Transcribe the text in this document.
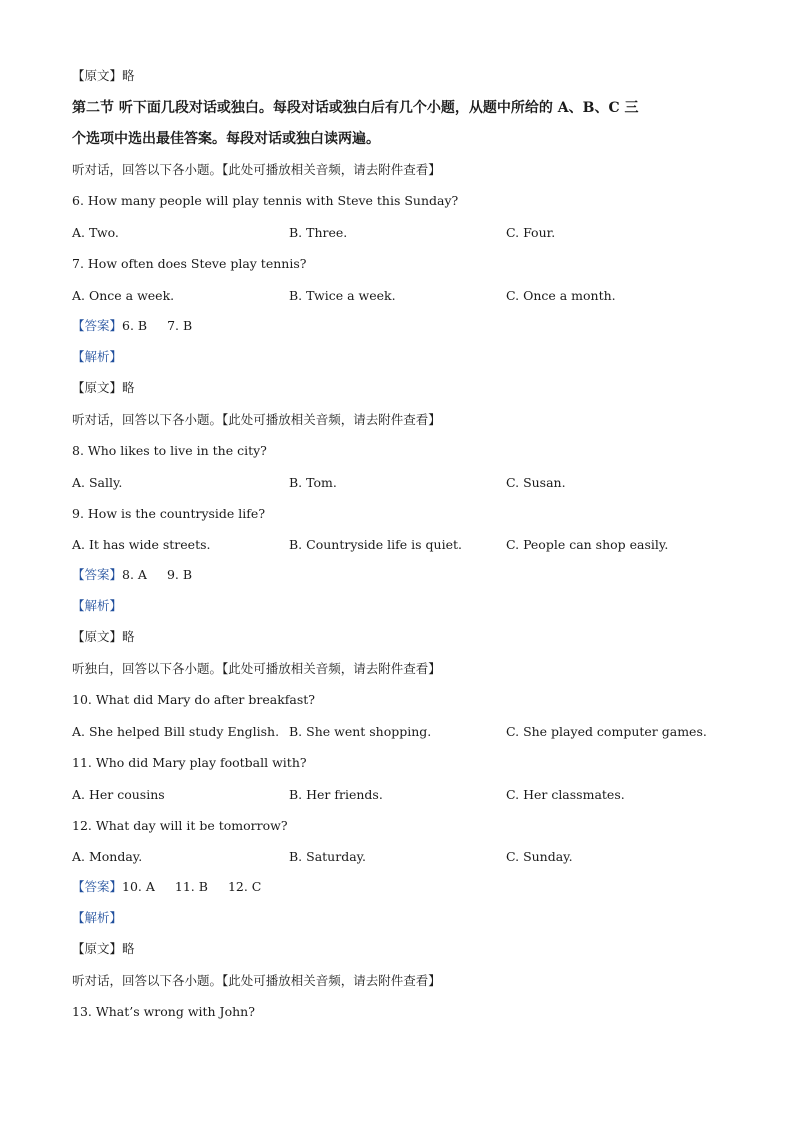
【原文】略
第二节 听下面几段对话或独白。每段对话或独白后有几个小题，从题中所给的 A、B、C 三
个选项中选出最佳答案。每段对话或独白读两遍。
听对话，回答以下各小题。【此处可播放相关音频，请去附件查看】
6. How many people will play tennis with Steve this Sunday?
A. Two.	B. Three.	C. Four.
7. How often does Steve play tennis?
A. Once a week.	B. Twice a week.	C. Once a month.
【答案】6. B 7. B
【解析】
【原文】略
听对话，回答以下各小题。【此处可播放相关音频，请去附件查看】
8. Who likes to live in the city?
A. Sally.	B. Tom.	C. Susan.
9. How is the countryside life?
A. It has wide streets.	B. Countryside life is quiet.	C. People can shop easily.
【答案】8. A 9. B
【解析】
【原文】略
听独白，回答以下各小题。【此处可播放相关音频，请去附件查看】
10. What did Mary do after breakfast?
A. She helped Bill study English. B. She went shopping.	C. She played computer games.
11. Who did Mary play football with?
A. Her cousins	B. Her friends.	C. Her classmates.
12. What day will it be tomorrow?
A. Monday.	B. Saturday.	C. Sunday.
【答案】10. A 11. B 12. C
【解析】
【原文】略
听对话，回答以下各小题。【此处可播放相关音频，请去附件查看】
13. What’s wrong with John?
